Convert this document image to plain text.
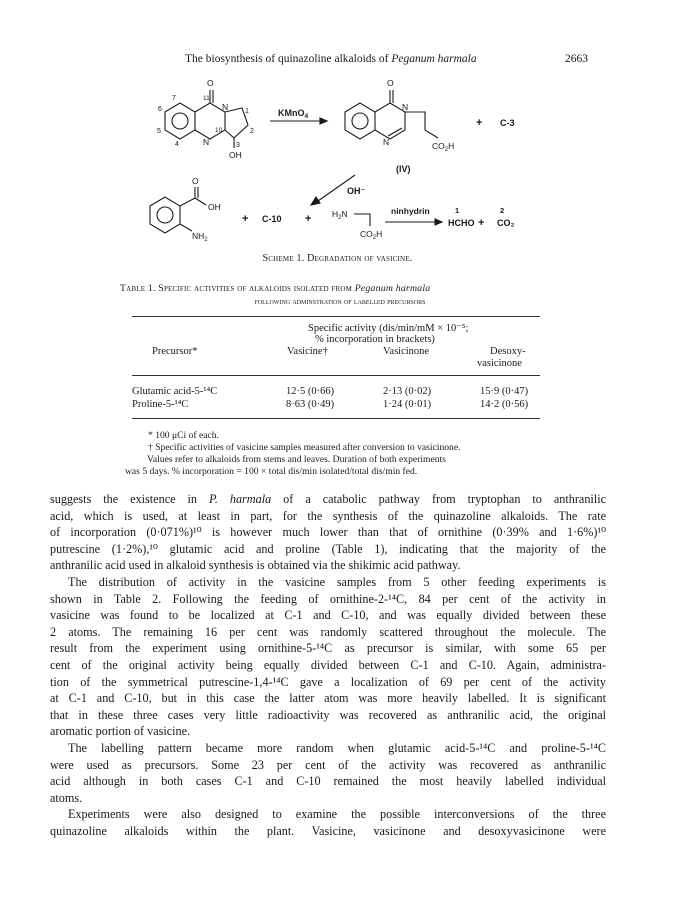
The biosynthesis of quinazoline alkaloids of Peganum harmala	2663
O
N
N
OH
1
2
3
4
5
6
7	11
10
O
N
N	$CO_2H$
O
OH
$NH_2$
$H_2N$
$CO_2H$
KMnO$_4$
+ C-3
(IV)
OH⁻
+ C-10 +
ninhydrin
HCHO + CO₂
1	2
Scheme 1. Degradation of vasicine.
Table 1. Specific activities of alkaloids isolated from Peganum harmala
following adminstration of labelled precursors
Specific activity (dis/min/mM × 10⁻⁵;
% incorporation in brackets)
Precursor*	Vasicine†	Vasicinone	Desoxy-
vasicinone
Glutamic acid-5-¹⁴C	12·5 (0·66)	2·13 (0·02)	15·9 (0·47)
Proline-5-¹⁴C	8·63 (0·49)	1·24 (0·01)	14·2 (0·56)
* 100 μCi of each.
† Specific activities of vasicine samples measured after conversion to vasicinone.
Values refer to alkaloids from stems and leaves. Duration of both experiments
was 5 days. % incorporation = 100 × total dis/min isolated/total dis/min fed.

suggests the existence in P. harmala of a catabolic pathway from tryptophan to anthranilic
acid, which is used, at least in part, for the synthesis of the quinazoline alkaloids. The rate
of incorporation (0·071%)¹⁰ is however much lower than that of ornithine (0·39% and 1·6%)¹⁰
putrescine (1·2%),¹⁰ glutamic acid and proline (Table 1), indicating that the majority of the
anthranilic acid used in alkaloid synthesis is obtained via the shikimic acid pathway.

The distribution of activity in the vasicine samples from 5 other feeding experiments is
shown in Table 2. Following the feeding of ornithine-2-¹⁴C, 84 per cent of the activity in
vasicine was found to be localized at C-1 and C-10, and was equally divided between these
2 atoms. The remaining 16 per cent was randomly scattered throughout the molecule. The
result from the experiment using ornithine-5-¹⁴C as precursor is similar, with some 65 per
cent of the original activity being equally divided between C-1 and C-10. Again, administra-
tion of the symmetrical putrescine-1,4-¹⁴C gave a localization of 69 per cent of the activity
at C-1 and C-10, but in this case the latter atom was more heavily labelled. It is significant
that in these three cases very little radioactivity was recovered as anthranilic acid, the original
aromatic portion of vasicine.

The labelling pattern became more random when glutamic acid-5-¹⁴C and proline-5-¹⁴C
were used as precursors. Some 23 per cent of the activity was recovered as anthranilic
acid although in both cases C-1 and C-10 remained the most heavily labelled individual
atoms.

Experiments were also designed to examine the possible interconversions of the three
quinazoline alkaloids within the plant. Vasicine, vasicinone and desoxyvasicinone were
